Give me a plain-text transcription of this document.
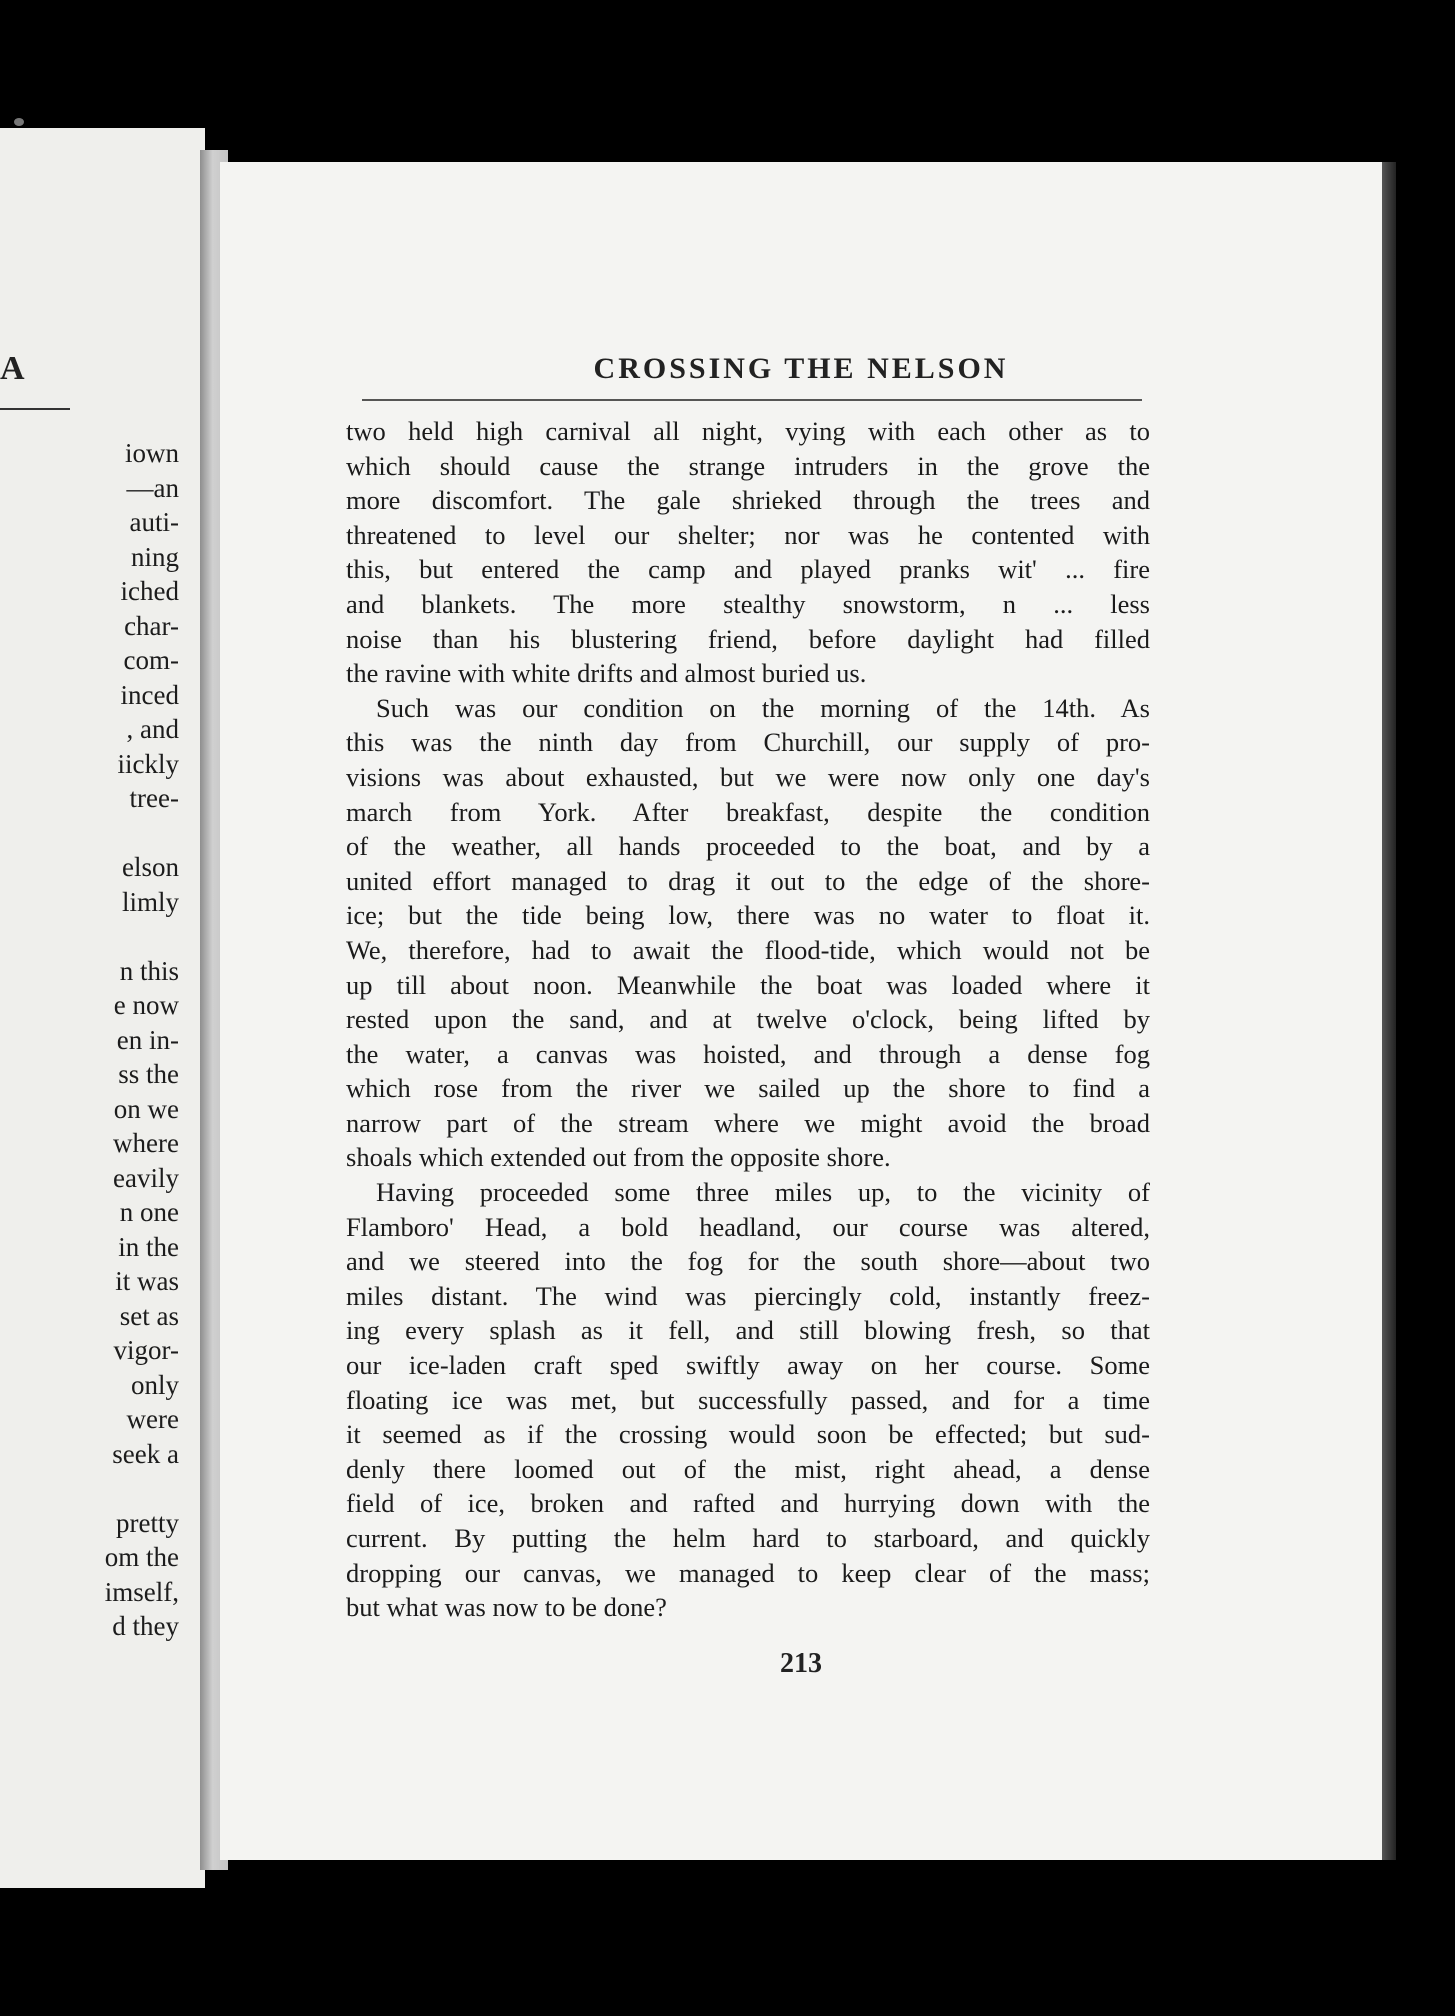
A
iown
—an
auti-
ning
iched
char-
com-
inced
, and
iickly
tree-
elson
limly
n this
e now
en in-
ss the
on we
where
eavily
n one
in the
it was
set as
vigor-
only
were
seek a
pretty
om the
imself,
d they
CROSSING THE NELSON
two held high carnival all night, vying with each other as to
which should cause the strange intruders in the grove the
more discomfort. The gale shrieked through the trees and
threatened to level our shelter; nor was he contented with
this, but entered the camp and played pranks wit' ... fire
and blankets. The more stealthy snowstorm, n ... less
noise than his blustering friend, before daylight had filled
the ravine with white drifts and almost buried us.
Such was our condition on the morning of the 14th. As
this was the ninth day from Churchill, our supply of pro-
visions was about exhausted, but we were now only one day's
march from York. After breakfast, despite the condition
of the weather, all hands proceeded to the boat, and by a
united effort managed to drag it out to the edge of the shore-
ice; but the tide being low, there was no water to float it.
We, therefore, had to await the flood-tide, which would not be
up till about noon. Meanwhile the boat was loaded where it
rested upon the sand, and at twelve o'clock, being lifted by
the water, a canvas was hoisted, and through a dense fog
which rose from the river we sailed up the shore to find a
narrow part of the stream where we might avoid the broad
shoals which extended out from the opposite shore.
Having proceeded some three miles up, to the vicinity of
Flamboro' Head, a bold headland, our course was altered,
and we steered into the fog for the south shore—about two
miles distant. The wind was piercingly cold, instantly freez-
ing every splash as it fell, and still blowing fresh, so that
our ice-laden craft sped swiftly away on her course. Some
floating ice was met, but successfully passed, and for a time
it seemed as if the crossing would soon be effected; but sud-
denly there loomed out of the mist, right ahead, a dense
field of ice, broken and rafted and hurrying down with the
current. By putting the helm hard to starboard, and quickly
dropping our canvas, we managed to keep clear of the mass;
but what was now to be done?
213
